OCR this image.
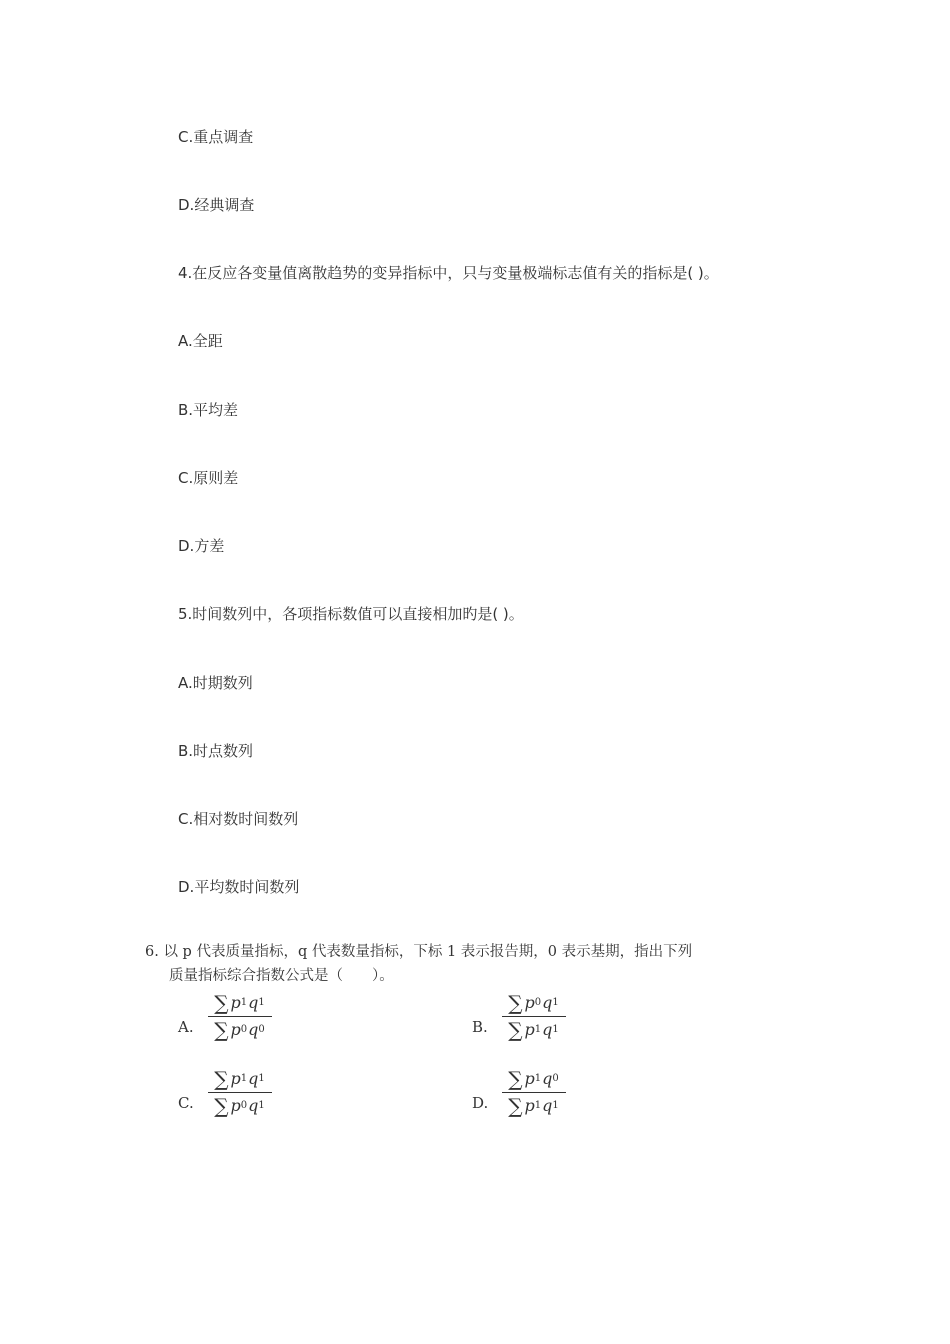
C.重点调查
D.经典调查
4.在反应各变量值离散趋势的变异指标中，只与变量极端标志值有关的指标是( )。
A.全距
B.平均差
C.原则差
D.方差
5.时间数列中，各项指标数值可以直接相加旳是( )。
A.时期数列
B.时点数列
C.相对数时间数列
D.平均数时间数列
6. 以 p 代表质量指标，q 代表数量指标，下标 1 表示报告期，0 表示基期，指出下列
质量指标综合指数公式是（　　）。
A.
∑ p 1 q 1
∑ p 0 q 0	B.
∑ p 0 q 1
∑ p 1 q 1
C.
∑ p 1 q 1
∑ p 0 q 1	D.
∑ p 1 q 0
∑ p 1 q 1
